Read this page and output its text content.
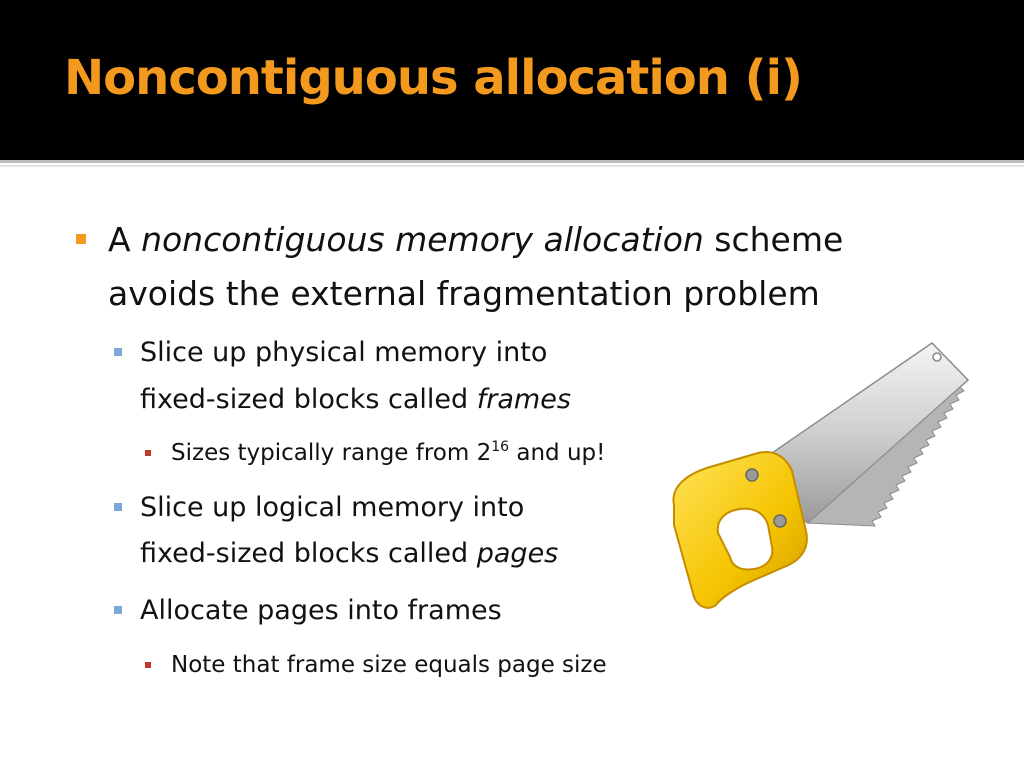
Noncontiguous allocation (i)
A noncontiguous memory allocation scheme
avoids the external fragmentation problem
Slice up physical memory into
fixed-sized blocks called frames
Sizes typically range from $2^{16}$ and up!
Slice up logical memory into
fixed-sized blocks called pages
Allocate pages into frames
Note that frame size equals page size
